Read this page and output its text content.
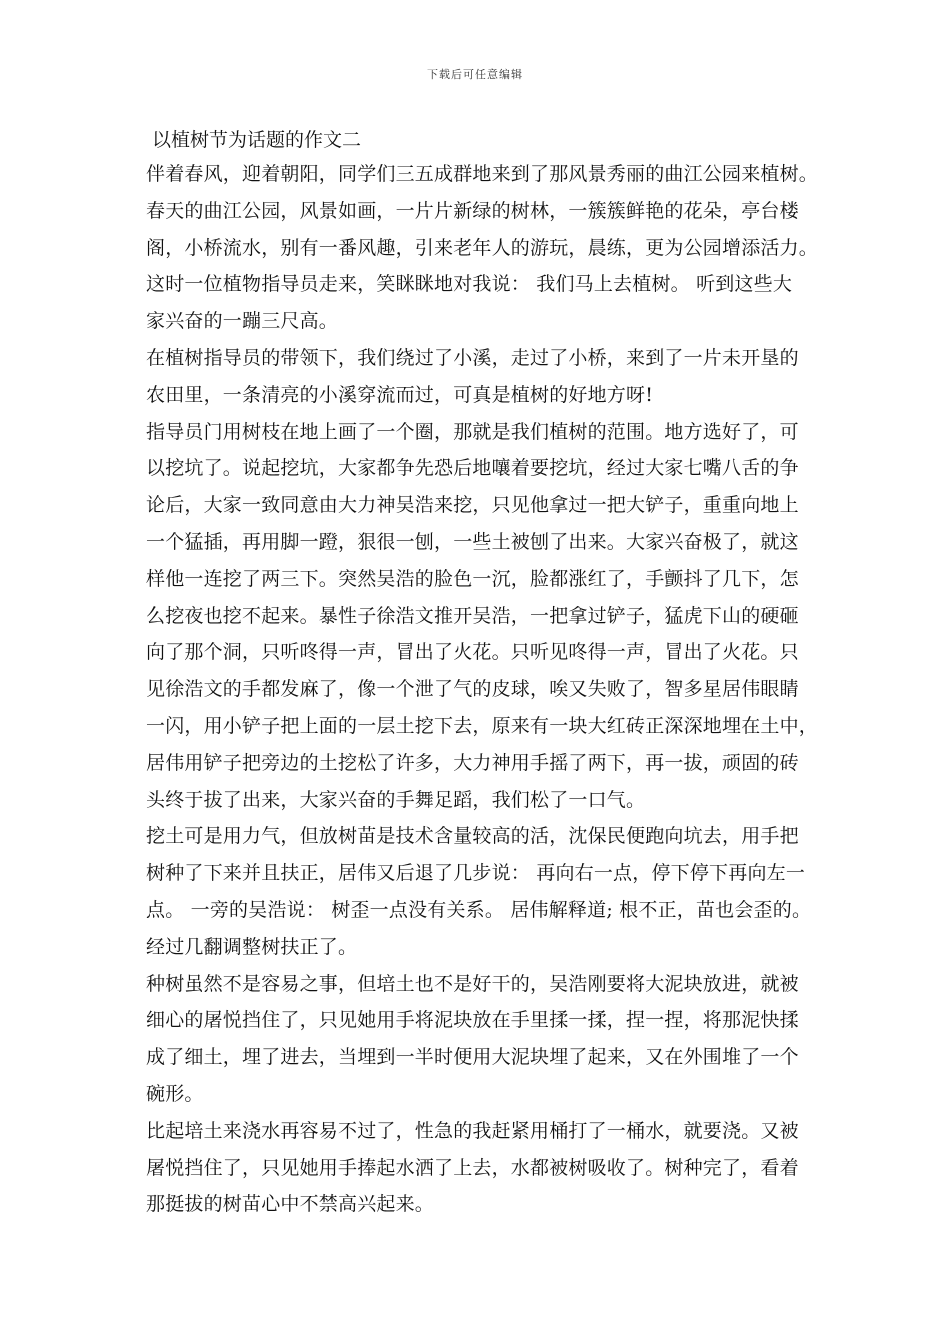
下载后可任意编辑
以植树节为话题的作文二
伴着春风，迎着朝阳，同学们三五成群地来到了那风景秀丽的曲江公园来植树。
春天的曲江公园，风景如画，一片片新绿的树林，一簇簇鲜艳的花朵，亭台楼
阁，小桥流水，别有一番风趣，引来老年人的游玩，晨练，更为公园增添活力。
这时一位植物指导员走来，笑眯眯地对我说： 我们马上去植树。 听到这些大
家兴奋的一蹦三尺高。
在植树指导员的带领下，我们绕过了小溪，走过了小桥，来到了一片未开垦的
农田里，一条清亮的小溪穿流而过，可真是植树的好地方呀!
指导员门用树枝在地上画了一个圈，那就是我们植树的范围。地方选好了，可
以挖坑了。说起挖坑，大家都争先恐后地嚷着要挖坑，经过大家七嘴八舌的争
论后，大家一致同意由大力神吴浩来挖，只见他拿过一把大铲子，重重向地上
一个猛插，再用脚一蹬，狠很一刨，一些土被刨了出来。大家兴奋极了，就这
样他一连挖了两三下。突然吴浩的脸色一沉，脸都涨红了，手颤抖了几下，怎
么挖夜也挖不起来。暴性子徐浩文推开吴浩，一把拿过铲子，猛虎下山的硬砸
向了那个洞，只听咚得一声，冒出了火花。只听见咚得一声，冒出了火花。只
见徐浩文的手都发麻了，像一个泄了气的皮球，唉又失败了，智多星居伟眼睛
一闪，用小铲子把上面的一层土挖下去，原来有一块大红砖正深深地埋在土中，
居伟用铲子把旁边的土挖松了许多，大力神用手摇了两下，再一拔，顽固的砖
头终于拔了出来，大家兴奋的手舞足蹈，我们松了一口气。
挖土可是用力气，但放树苗是技术含量较高的活，沈保民便跑向坑去，用手把
树种了下来并且扶正，居伟又后退了几步说： 再向右一点，停下停下再向左一
点。 一旁的吴浩说： 树歪一点没有关系。 居伟解释道; 根不正，苗也会歪的。
经过几翻调整树扶正了。
种树虽然不是容易之事，但培土也不是好干的，吴浩刚要将大泥块放进，就被
细心的屠悦挡住了，只见她用手将泥块放在手里揉一揉，捏一捏，将那泥快揉
成了细土，埋了进去，当埋到一半时便用大泥块埋了起来，又在外围堆了一个
碗形。
比起培土来浇水再容易不过了，性急的我赶紧用桶打了一桶水，就要浇。又被
屠悦挡住了，只见她用手捧起水洒了上去，水都被树吸收了。树种完了，看着
那挺拔的树苗心中不禁高兴起来。
